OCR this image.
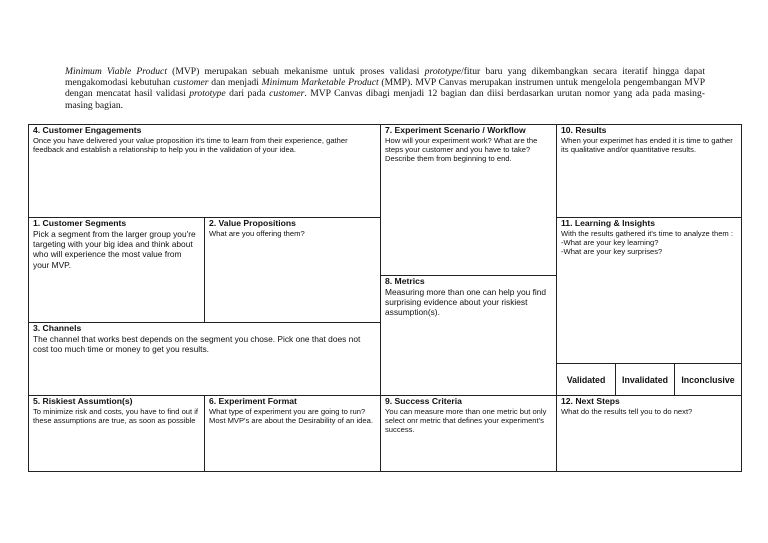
Minimum Viable Product (MVP) merupakan sebuah mekanisme untuk proses validasi prototype/fitur baru yang dikembangkan secara iteratif hingga dapat mengakomodasi kebutuhan customer dan menjadi Minimum Marketable Product (MMP). MVP Canvas merupakan instrumen untuk mengelola pengembangan MVP dengan mencatat hasil validasi prototype dari pada customer. MVP Canvas dibagi menjadi 12 bagian dan diisi berdasarkan urutan nomor yang ada pada masing-masing bagian.
4. Customer Engagements
Once you have delivered your value proposition it's time to learn from their experience, gather feedback and establish a relationship to help you in the validation of your idea.
7. Experiment Scenario / Workflow
How will your experiment work? What are the steps your customer and you have to take? Describe them from beginning to end.
10. Results
When your experimet has ended it is time to gather its qualitative and/or quantitative results.
1. Customer Segments
Pick a segment from the larger group you're targeting with your big idea and think about who will experience the most value from your MVP.
2. Value Propositions
What are you offering them?
11. Learning & Insights
With the results gathered it's time to analyze them :
-What are your key learning?
-What are your key surprises?
8. Metrics
Measuring more than one can help you find surprising evidence about your riskiest assumption(s).
3. Channels
The channel that works best depends on the segment you chose. Pick one that does not cost too much time or money to get you results.
Validated	Invalidated	Inconclusive
5. Riskiest Assumtion(s)
To minimize risk and costs, you have to find out if these assumptions are true, as soon as possible
6. Experiment Format
What type of experiment you are going to run? Most MVP's are about the Desirability of an idea.
9. Success Criteria
You can measure more than one metric but only select onr metric that defines your experiment's success.
12. Next Steps
What do the results tell you to do next?
